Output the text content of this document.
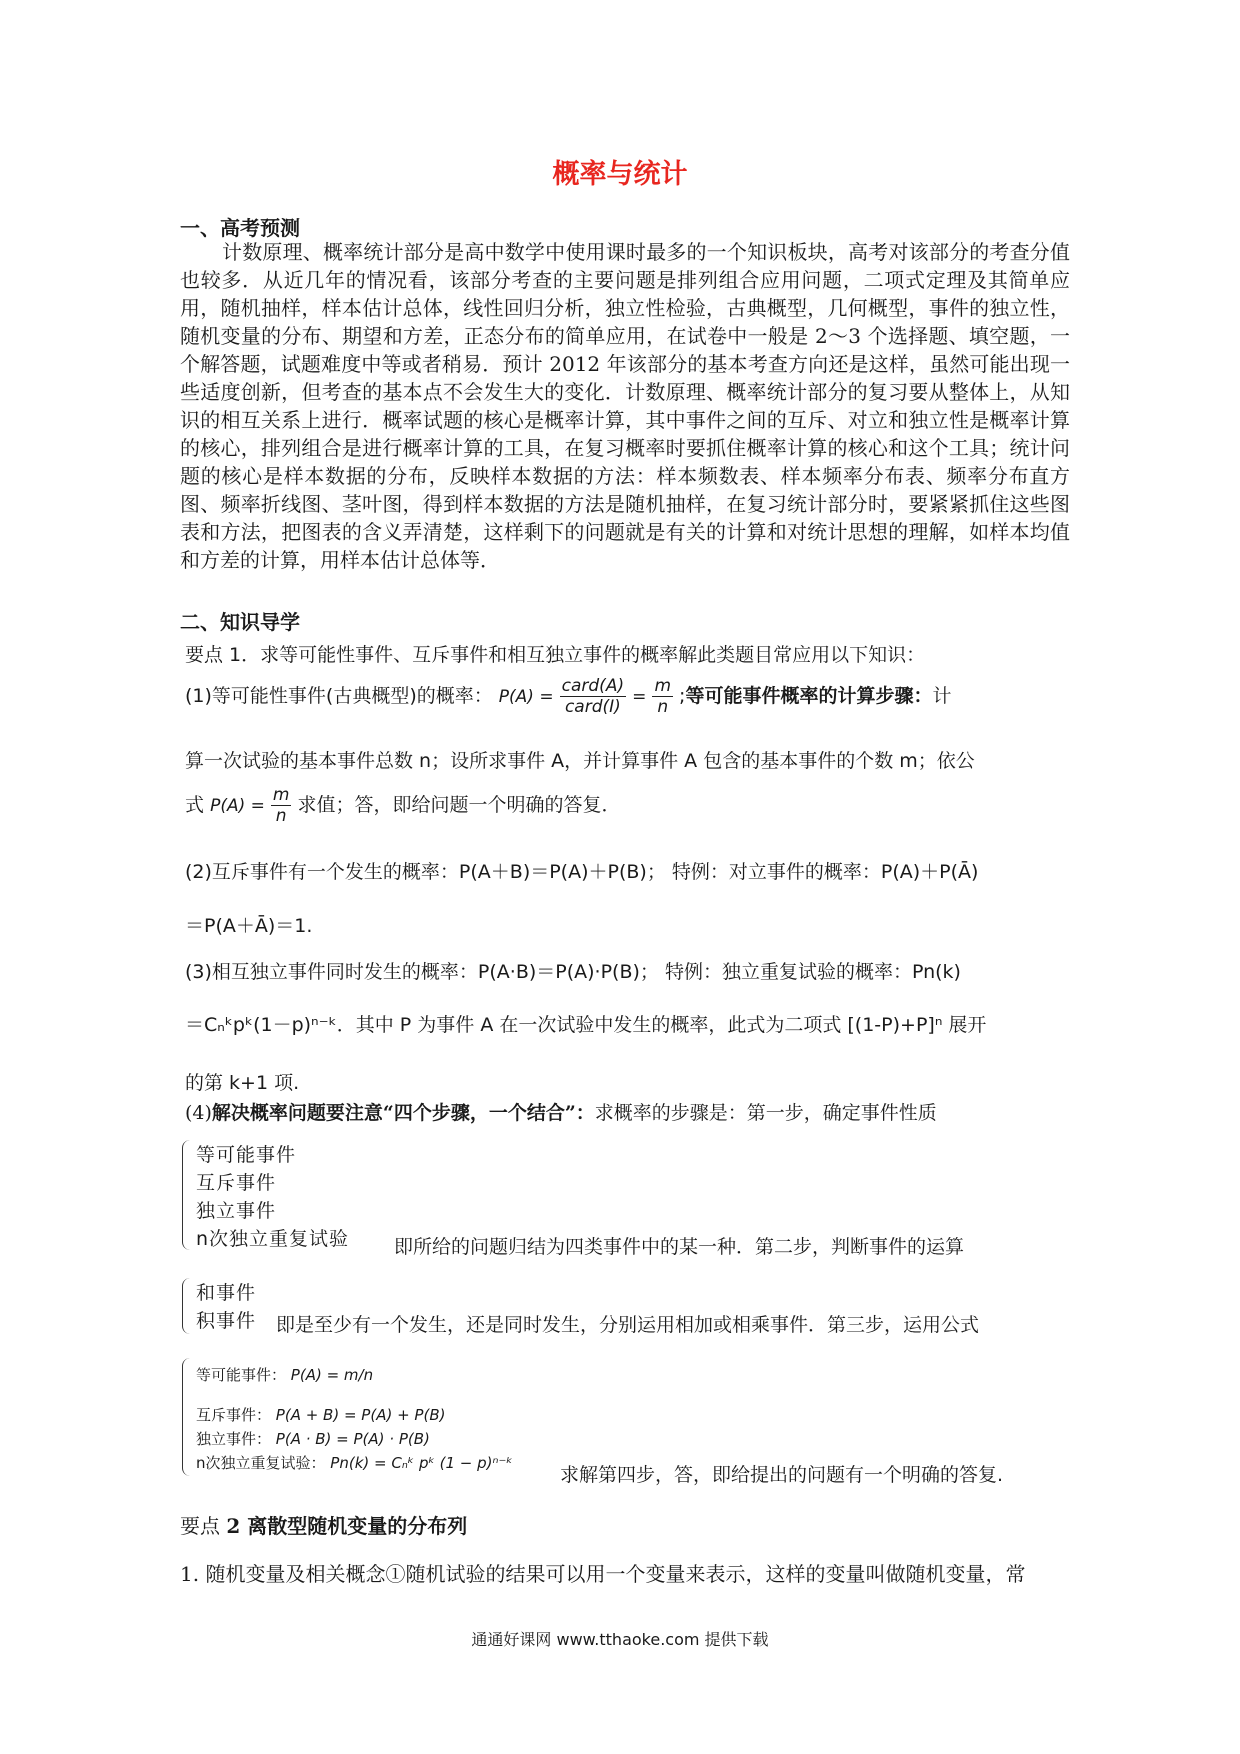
概率与统计
一、高考预测
计数原理、概率统计部分是高中数学中使用课时最多的一个知识板块，高考对该部分的考查分值也较多．从近几年的情况看，该部分考查的主要问题是排列组合应用问题，二项式定理及其简单应用，随机抽样，样本估计总体，线性回归分析，独立性检验，古典概型，几何概型，事件的独立性，随机变量的分布、期望和方差，正态分布的简单应用，在试卷中一般是 2～3 个选择题、填空题，一个解答题，试题难度中等或者稍易．预计 2012 年该部分的基本考查方向还是这样，虽然可能出现一些适度创新，但考查的基本点不会发生大的变化．计数原理、概率统计部分的复习要从整体上，从知识的相互关系上进行．概率试题的核心是概率计算，其中事件之间的互斥、对立和独立性是概率计算的核心，排列组合是进行概率计算的工具，在复习概率时要抓住概率计算的核心和这个工具；统计问题的核心是样本数据的分布，反映样本数据的方法：样本频数表、样本频率分布表、频率分布直方图、频率折线图、茎叶图，得到样本数据的方法是随机抽样，在复习统计部分时，要紧紧抓住这些图表和方法，把图表的含义弄清楚，这样剩下的问题就是有关的计算和对统计思想的理解，如样本均值和方差的计算，用样本估计总体等．
二、知识导学
要点 1．求等可能性事件、互斥事件和相互独立事件的概率解此类题目常应用以下知识：
(1)等可能性事件(古典概型)的概率： $P(A) = \frac{\text{card(A)}}{\text{card(I)}} = \frac{m}{n}$ ;等可能事件概率的计算步骤：计
算一次试验的基本事件总数 n；设所求事件 A，并计算事件 A 包含的基本事件的个数 m；依公
式 $P(A) = \frac{m}{n}$ 求值；答，即给问题一个明确的答复．
(2)互斥事件有一个发生的概率：P(A＋B)＝P(A)＋P(B)； 特例：对立事件的概率：P(A)＋P(Ā)
＝P(A＋Ā)＝1.
(3)相互独立事件同时发生的概率：P(A·B)＝P(A)·P(B)； 特例：独立重复试验的概率：Pn(k)
＝Cₙᵏpᵏ(1－p)ⁿ⁻ᵏ．其中 P 为事件 A 在一次试验中发生的概率，此式为二项式 [(1-P)+P]ⁿ 展开
的第 k+1 项.
(4)解决概率问题要注意“四个步骤，一个结合”：求概率的步骤是：第一步，确定事件性质
等可能事件
互斥事件
独立事件
n次独立重复试验 即所给的问题归结为四类事件中的某一种．第二步，判断事件的运算
和事件
积事件 即是至少有一个发生，还是同时发生，分别运用相加或相乘事件．第三步，运用公式
等可能事件： P(A) = m/n
互斥事件： P(A + B) = P(A) + P(B)
独立事件： P(A · B) = P(A) · P(B)
n次独立重复试验： Pn(k) = Cₙᵏ pᵏ (1 − p)ⁿ⁻ᵏ
求解第四步，答，即给提出的问题有一个明确的答复.
要点 2 离散型随机变量的分布列
1. 随机变量及相关概念①随机试验的结果可以用一个变量来表示，这样的变量叫做随机变量，常
通通好课网 www.tthaoke.com 提供下载
